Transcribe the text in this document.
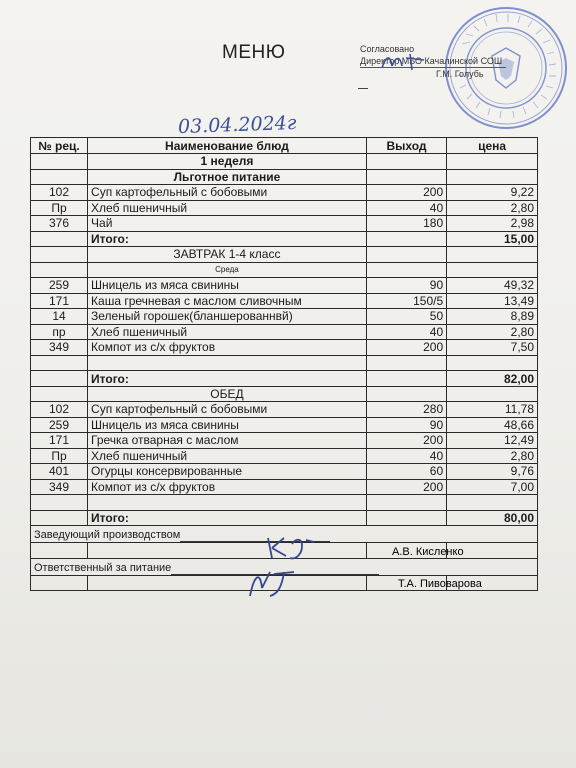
МЕНЮ	Согласовано
Директор МБО Качалинской СОШ
Г.М. Голубь
03.04.2024г
№ рец.	Наименование блюд	Выход	цена
	1 неделя		
	Льготное питание		
102	Суп картофельный с бобовыми	200	9,22
Пр	Хлеб пшеничный	40	2,80
376	Чай	180	2,98
	Итого:		15,00
	ЗАВТРАК 1-4 класс		
	Среда		
259	Шницель из мяса свинины	90	49,32
171	Каша гречневая с маслом сливочным	150/5	13,49
14	Зеленый горошек(бланшерованнвй)	50	8,89
пр	Хлеб пшеничный	40	2,80
349	Компот из с/х фруктов	200	7,50

	Итого:		82,00
	ОБЕД		
102	Суп картофельный с бобовыми	280	11,78
259	Шницель из мяса свинины	90	48,66
171	Гречка отварная с маслом	200	12,49
Пр	Хлеб пшеничный	40	2,80
401	Огурцы консервированные	60	9,76
349	Компот из с/х фруктов	200	7,00

	Итого:		80,00
Заведующий производством			

Ответственный за питание			

А.В. Кисленко
Т.А. Пивоварова
